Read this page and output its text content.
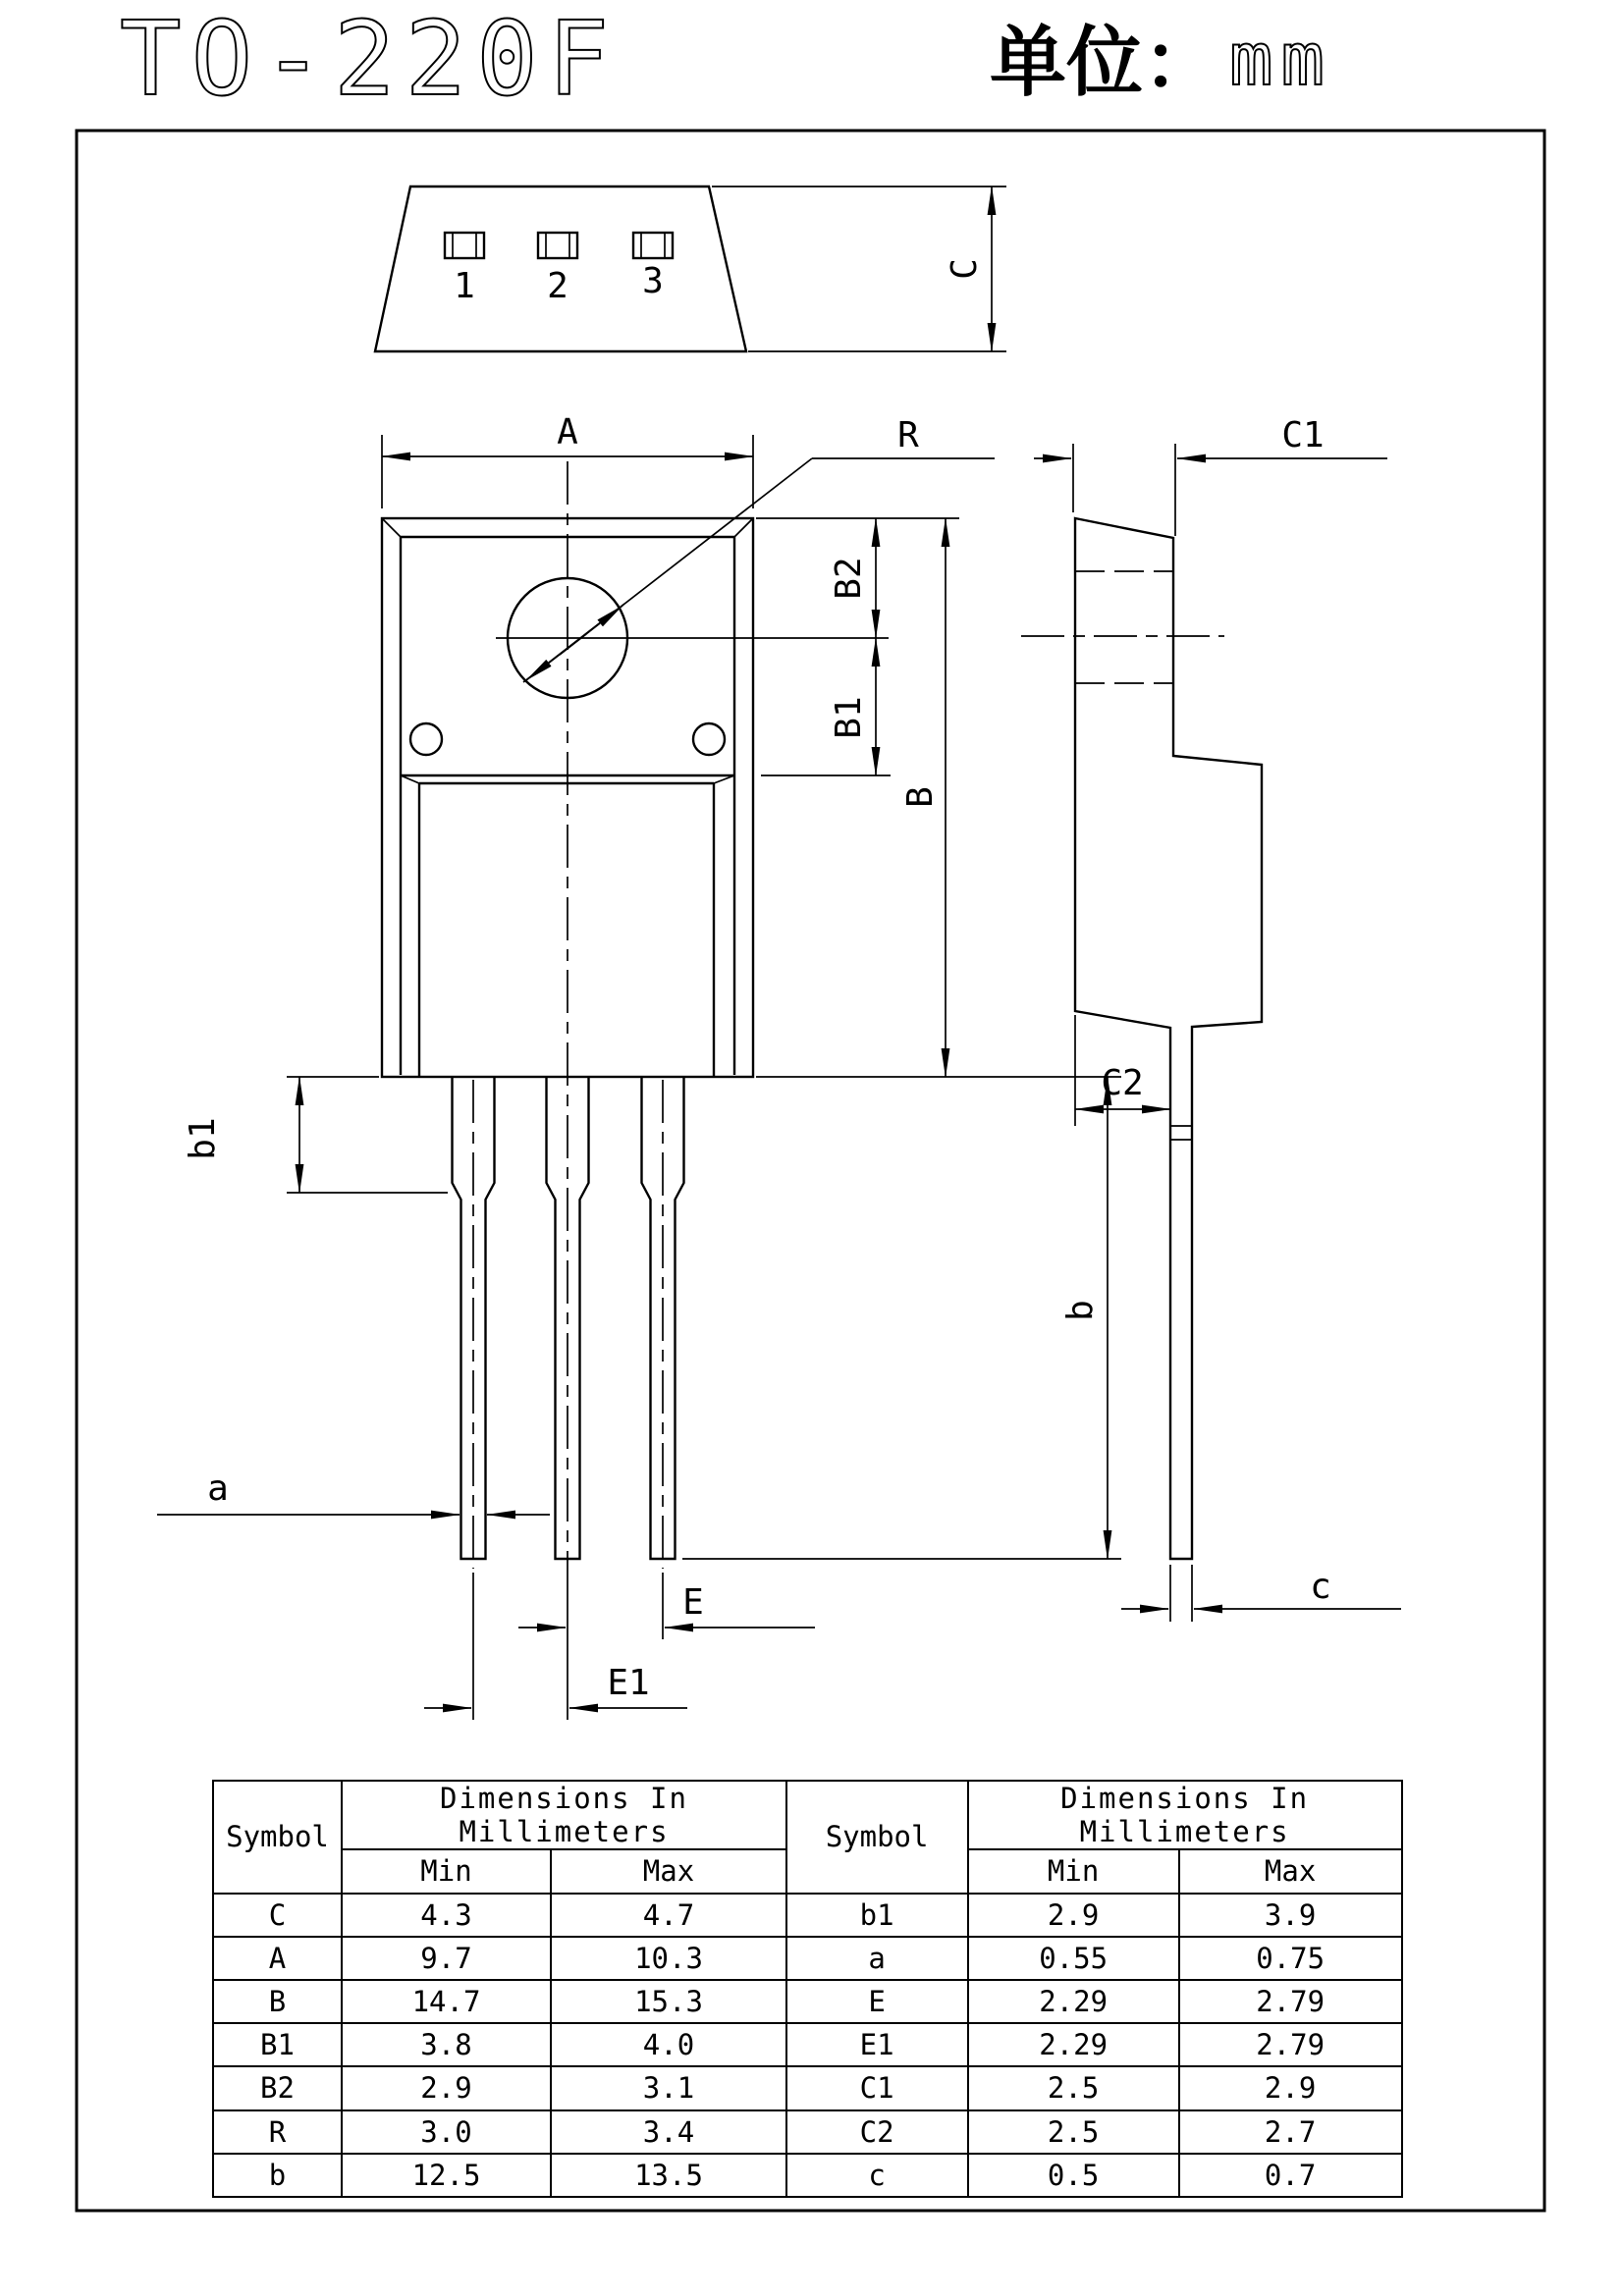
TO-220F	单位： mm
1 2 3	C
A	R
B2
B1
B
b1
b
a
E
E1
C1
C2
c
Symbol	Dimensions In Millimeters	
	Min	Max
C	4.3	4.7
A	9.7	10.3
B	14.7	15.3
B1	3.8	4.0
B2	2.9	3.1
R	3.0	3.4
b	12.5	13.5
Symbol	Dimensions In Millimeters	
	Min	Max
b1	2.9	3.9
a	0.55	0.75
E	2.29	2.79
E1	2.29	2.79
C1	2.5	2.9
C2	2.5	2.7
c	0.5	0.7
